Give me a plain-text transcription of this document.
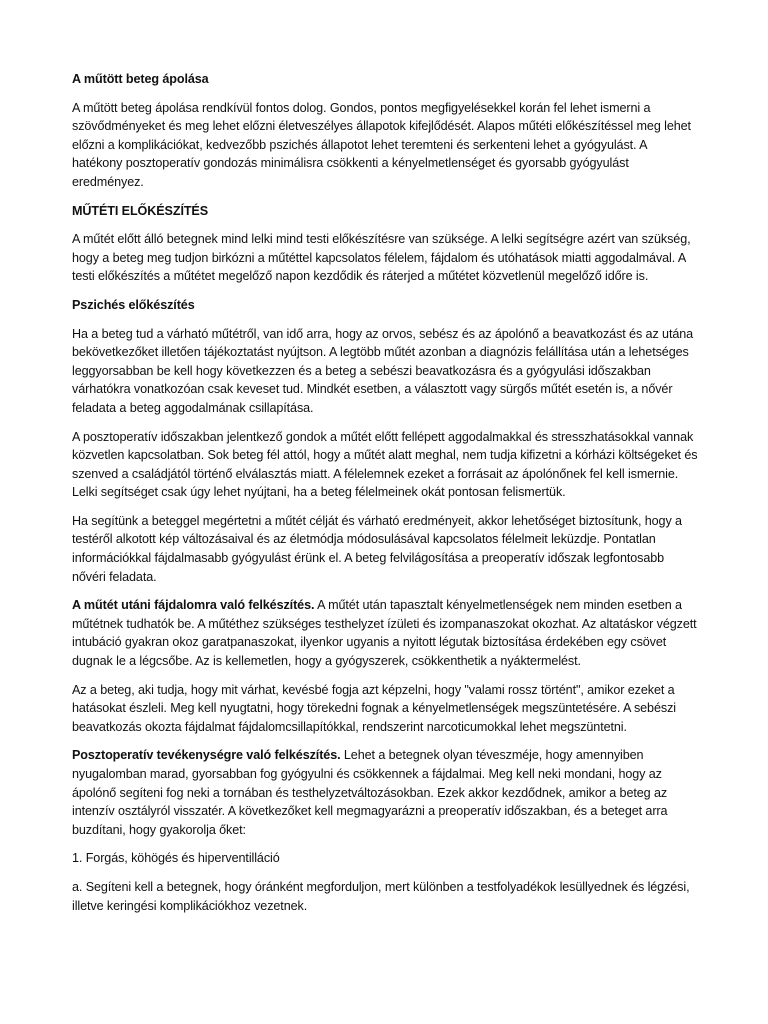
A műtött beteg ápolása

A műtött beteg ápolása rendkívül fontos dolog. Gondos, pontos megfigyelésekkel korán fel lehet ismerni a szövődményeket és meg lehet előzni életveszélyes állapotok kifejlődését. Alapos műtéti előkészítéssel meg lehet előzni a komplikációkat, kedvezőbb pszichés állapotot lehet teremteni és serkenteni lehet a gyógyulást. A hatékony posztoperatív gondozás minimálisra csökkenti a kényelmetlenséget és gyorsabb gyógyulást eredményez.

MŰTÉTI ELŐKÉSZÍTÉS

A műtét előtt álló betegnek mind lelki mind testi előkészítésre van szüksége. A lelki segítségre azért van szükség, hogy a beteg meg tudjon birkózni a műtéttel kapcsolatos félelem, fájdalom és utóhatások miatti aggodalmával. A testi előkészítés a műtétet megelőző napon kezdődik és ráterjed a műtétet közvetlenül megelőző időre is.

Pszichés előkészítés

Ha a beteg tud a várható műtétről, van idő arra, hogy az orvos, sebész és az ápolónő a beavatkozást és az utána bekövetkezőket illetően tájékoztatást nyújtson. A legtöbb műtét azonban a diagnózis felállítása után a lehetséges leggyorsabban be kell hogy következzen és a beteg a sebészi beavatkozásra és a gyógyulási időszakban várhatókra vonatkozóan csak keveset tud. Mindkét esetben, a választott vagy sürgős műtét esetén is, a nővér feladata a beteg aggodalmának csillapítása.

A posztoperatív időszakban jelentkező gondok a műtét előtt fellépett aggodalmakkal és stresszhatásokkal vannak közvetlen kapcsolatban. Sok beteg fél attól, hogy a műtét alatt meghal, nem tudja kifizetni a kórházi költségeket és szenved a családjától történő elválasztás miatt. A félelemnek ezeket a forrásait az ápolónőnek fel kell ismernie. Lelki segítséget csak úgy lehet nyújtani, ha a beteg félelmeinek okát pontosan felismertük.

Ha segítünk a beteggel megértetni a műtét célját és várható eredményeit, akkor lehetőséget biztosítunk, hogy a testéről alkotott kép változásaival és az életmódja módosulásával kapcsolatos félelmeit leküzdje. Pontatlan információkkal fájdalmasabb gyógyulást érünk el. A beteg felvilágosítása a preoperatív időszak legfontosabb nővéri feladata.

A műtét utáni fájdalomra való felkészítés. A műtét után tapasztalt kényelmetlenségek nem minden esetben a műtétnek tudhatók be. A műtéthez szükséges testhelyzet ízületi és izompanaszokat okozhat. Az altatáskor végzett intubáció gyakran okoz garatpanaszokat, ilyenkor ugyanis a nyitott légutak biztosítása érdekében egy csövet dugnak le a légcsőbe. Az is kellemetlen, hogy a gyógyszerek, csökkenthetik a nyáktermelést.

Az a beteg, aki tudja, hogy mit várhat, kevésbé fogja azt képzelni, hogy "valami rossz történt", amikor ezeket a hatásokat észleli. Meg kell nyugtatni, hogy törekedni fognak a kényelmetlenségek megszüntetésére. A sebészi beavatkozás okozta fájdalmat fájdalomcsillapítókkal, rendszerint narcoticumokkal lehet megszüntetni.

Posztoperatív tevékenységre való felkészítés. Lehet a betegnek olyan téveszméje, hogy amennyiben nyugalomban marad, gyorsabban fog gyógyulni és csökkennek a fájdalmai. Meg kell neki mondani, hogy az ápolónő segíteni fog neki a tornában és testhelyzetváltozásokban. Ezek akkor kezdődnek, amikor a beteg az intenzív osztályról visszatér. A következőket kell megmagyarázni a preoperatív időszakban, és a beteget arra buzdítani, hogy gyakorolja őket:

1. Forgás, köhögés és hiperventilláció

a. Segíteni kell a betegnek, hogy óránként megforduljon, mert különben a testfolyadékok lesüllyednek és légzési, illetve keringési komplikációkhoz vezetnek.
